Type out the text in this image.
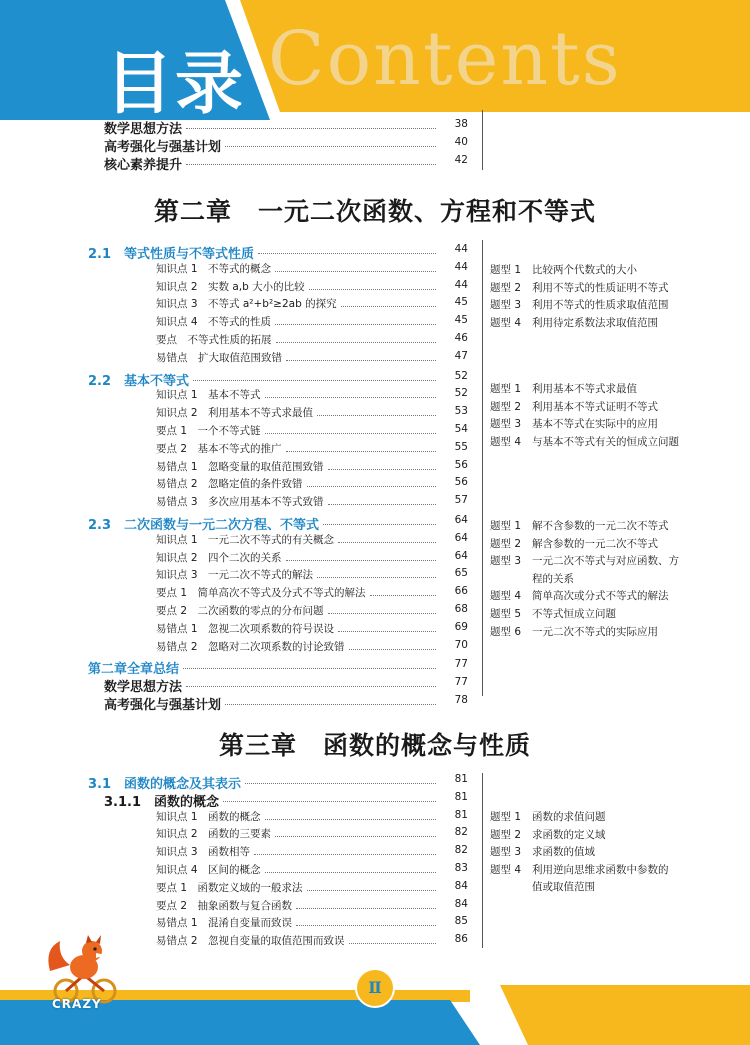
Contents
目录
数学思想方法	38
高考强化与强基计划	40
核心素养提升	42
第二章　一元二次函数、方程和不等式
2.1　等式性质与不等式性质	44
知识点 1　不等式的概念	44
知识点 2　实数 a,b 大小的比较	44
知识点 3　不等式 a²+b²≥2ab 的探究	45
知识点 4　不等式的性质	45
要点　不等式性质的拓展	46
易错点　扩大取值范围致错	47
2.2　基本不等式	52
知识点 1　基本不等式	52
知识点 2　利用基本不等式求最值	53
要点 1　一个不等式链	54
要点 2　基本不等式的推广	55
易错点 1　忽略变量的取值范围致错	56
易错点 2　忽略定值的条件致错	56
易错点 3　多次应用基本不等式致错	57
2.3　二次函数与一元二次方程、不等式	64
知识点 1　一元二次不等式的有关概念	64
知识点 2　四个二次的关系	64
知识点 3　一元二次不等式的解法	65
要点 1　简单高次不等式及分式不等式的解法	66
要点 2　二次函数的零点的分布问题	68
易错点 1　忽视二次项系数的符号误设	69
易错点 2　忽略对二次项系数的讨论致错	70
第二章全章总结	77
数学思想方法	77
高考强化与强基计划	78
题型 1 比较两个代数式的大小
题型 2 利用不等式的性质证明不等式
题型 3 利用不等式的性质求取值范围
题型 4 利用待定系数法求取值范围
题型 1 利用基本不等式求最值
题型 2 利用基本不等式证明不等式
题型 3 基本不等式在实际中的应用
题型 4 与基本不等式有关的恒成立问题
题型 1 解不含参数的一元二次不等式
题型 2 解含参数的一元二次不等式
题型 3 一元二次不等式与对应函数、方
程的关系
题型 4 简单高次或分式不等式的解法
题型 5 不等式恒成立问题
题型 6 一元二次不等式的实际应用
第三章　函数的概念与性质
3.1　函数的概念及其表示	81
3.1.1　函数的概念	81
知识点 1　函数的概念	81
知识点 2　函数的三要素	82
知识点 3　函数相等	82
知识点 4　区间的概念	83
要点 1　函数定义域的一般求法	84
要点 2　抽象函数与复合函数	84
易错点 1　混淆自变量而致误	85
易错点 2　忽视自变量的取值范围而致误	86
题型 1 函数的求值问题
题型 2 求函数的定义域
题型 3 求函数的值域
题型 4 利用逆向思维求函数中参数的
值或取值范围
Ⅱ
CRAZY
